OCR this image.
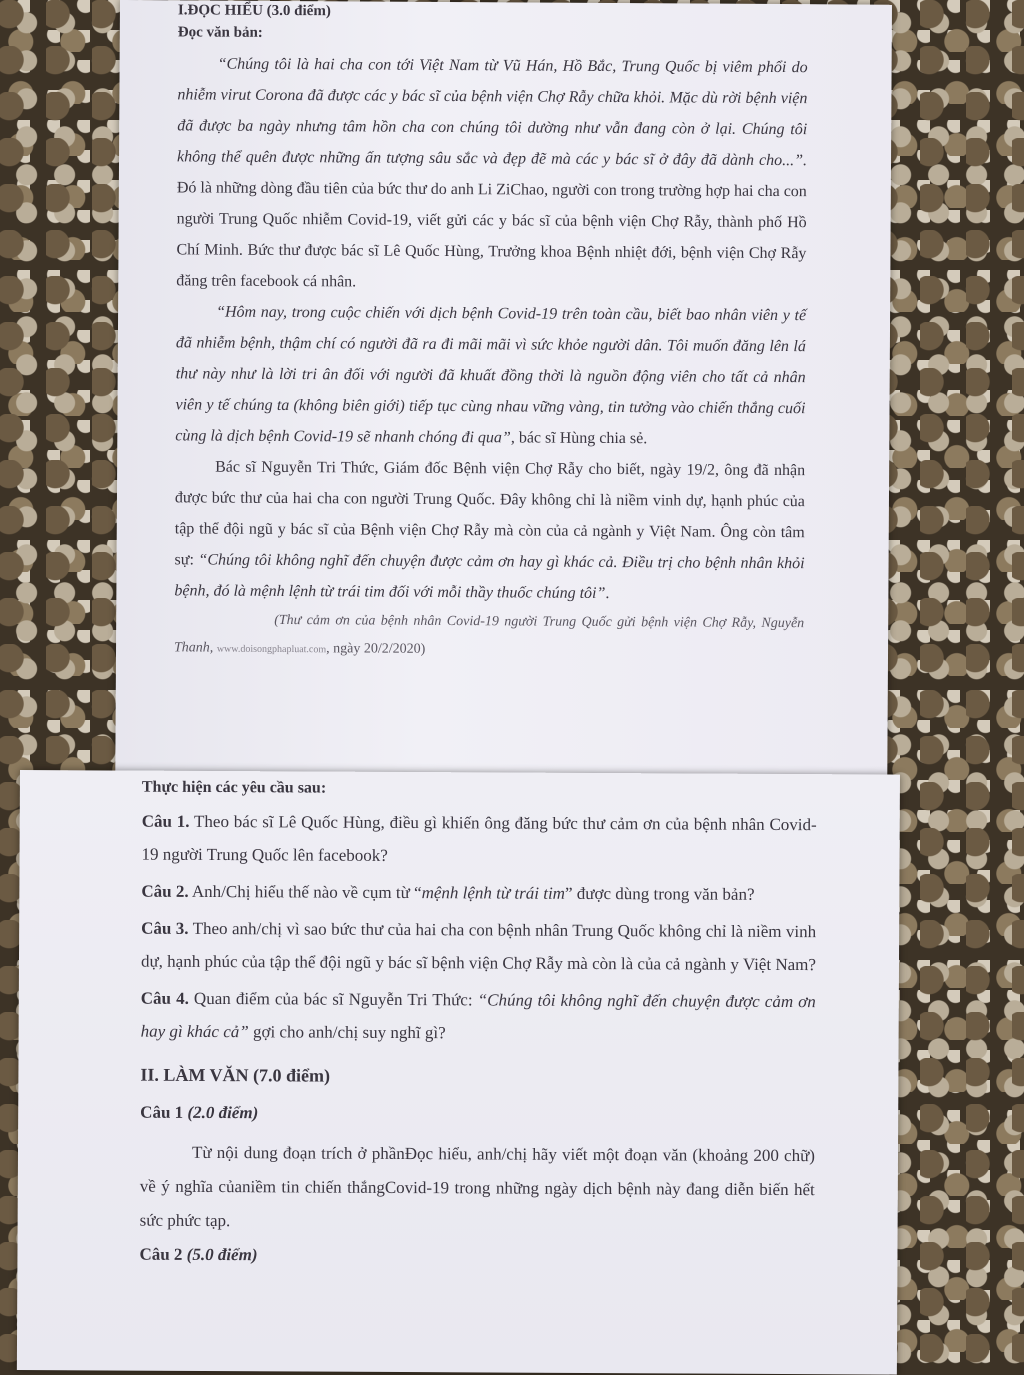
I.ĐỌC HIỂU (3.0 điểm)

Đọc văn bản:

“Chúng tôi là hai cha con tới Việt Nam từ Vũ Hán, Hồ Bắc, Trung Quốc bị viêm phổi do nhiễm virut Corona đã được các y bác sĩ của bệnh viện Chợ Rẫy chữa khỏi. Mặc dù rời bệnh viện đã được ba ngày nhưng tâm hồn cha con chúng tôi dường như vẫn đang còn ở lại. Chúng tôi không thể quên được những ấn tượng sâu sắc và đẹp đẽ mà các y bác sĩ ở đây đã dành cho...”. Đó là những dòng đầu tiên của bức thư do anh Li ZiChao, người con trong trường hợp hai cha con người Trung Quốc nhiễm Covid-19, viết gửi các y bác sĩ của bệnh viện Chợ Rẫy, thành phố Hồ Chí Minh. Bức thư được bác sĩ Lê Quốc Hùng, Trưởng khoa Bệnh nhiệt đới, bệnh viện Chợ Rẫy đăng trên facebook cá nhân.

“Hôm nay, trong cuộc chiến với dịch bệnh Covid-19 trên toàn cầu, biết bao nhân viên y tế đã nhiễm bệnh, thậm chí có người đã ra đi mãi mãi vì sức khỏe người dân. Tôi muốn đăng lên lá thư này như là lời tri ân đối với người đã khuất đồng thời là nguồn động viên cho tất cả nhân viên y tế chúng ta (không biên giới) tiếp tục cùng nhau vững vàng, tin tưởng vào chiến thắng cuối cùng là dịch bệnh Covid-19 sẽ nhanh chóng đi qua”, bác sĩ Hùng chia sẻ.

Bác sĩ Nguyễn Tri Thức, Giám đốc Bệnh viện Chợ Rẫy cho biết, ngày 19/2, ông đã nhận được bức thư của hai cha con người Trung Quốc. Đây không chỉ là niềm vinh dự, hạnh phúc của tập thể đội ngũ y bác sĩ của Bệnh viện Chợ Rẫy mà còn của cả ngành y Việt Nam. Ông còn tâm sự: “Chúng tôi không nghĩ đến chuyện được cảm ơn hay gì khác cả. Điều trị cho bệnh nhân khỏi bệnh, đó là mệnh lệnh từ trái tim đối với mỗi thầy thuốc chúng tôi”.

(Thư cảm ơn của bệnh nhân Covid-19 người Trung Quốc gửi bệnh viện Chợ Rẫy, Nguyễn Thanh, www.doisongphapluat.com, ngày 20/2/2020)

Thực hiện các yêu cầu sau:

Câu 1. Theo bác sĩ Lê Quốc Hùng, điều gì khiến ông đăng bức thư cảm ơn của bệnh nhân Covid-19 người Trung Quốc lên facebook?

Câu 2. Anh/Chị hiểu thế nào về cụm từ “mệnh lệnh từ trái tim” được dùng trong văn bản?

Câu 3. Theo anh/chị vì sao bức thư của hai cha con bệnh nhân Trung Quốc không chỉ là niềm vinh dự, hạnh phúc của tập thể đội ngũ y bác sĩ bệnh viện Chợ Rẫy mà còn là của cả ngành y Việt Nam?

Câu 4. Quan điểm của bác sĩ Nguyễn Tri Thức: “Chúng tôi không nghĩ đến chuyện được cảm ơn hay gì khác cả” gợi cho anh/chị suy nghĩ gì?

II. LÀM VĂN (7.0 điểm)

Câu 1 (2.0 điểm)

Từ nội dung đoạn trích ở phầnĐọc hiểu, anh/chị hãy viết một đoạn văn (khoảng 200 chữ) về ý nghĩa củaniềm tin chiến thắngCovid-19 trong những ngày dịch bệnh này đang diễn biến hết sức phức tạp.

Câu 2 (5.0 điểm)
